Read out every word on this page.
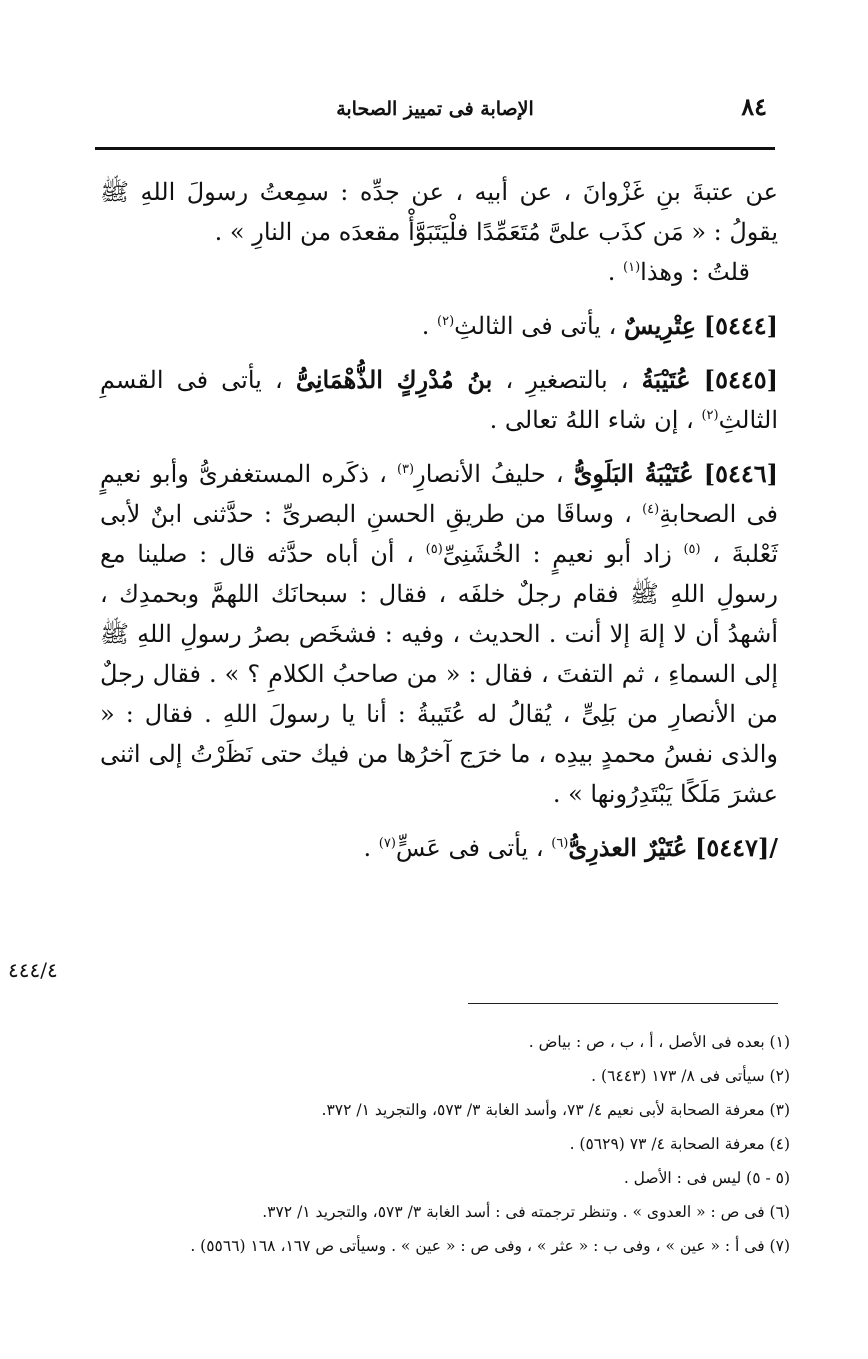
٨٤
الإصابة فى تمييز الصحابة

عن عتبةَ بنِ غَزْوانَ ، عن أبيه ، عن جدِّه : سمِعتُ رسولَ اللهِ ﷺ يقولُ : « مَن كذَب علىَّ مُتَعَمِّدًا فلْيَتَبَوَّأْ مقعدَه من النارِ » .

قلتُ : وهذا$^{(١)}$ .

[٥٤٤٤] عِتْرِيسٌ ، يأتى فى الثالثِ$^{(٢)}$ .

[٥٤٤٥] عُتَيْبَةُ ، بالتصغيرِ ، بنُ مُدْرِكٍ الذُّهْمَانِىُّ ، يأتى فى القسمِ الثالثِ$^{(٢)}$ ، إن شاء اللهُ تعالى .

[٥٤٤٦] عُتَيْبَةُ البَلَوِىُّ ، حليفُ الأنصارِ$^{(٣)}$ ، ذكَره المستغفرىُّ وأبو نعيمٍ فى الصحابةِ$^{(٤)}$ ، وساقَا من طريقِ الحسنِ البصرىِّ : حدَّثنى ابنٌ لأبى ثَعْلبةَ ، $^{(٥)}$ زاد أبو نعيمٍ : الخُشَنِىِّ$^{(٥)}$ ، أن أباه حدَّثه قال : صلينا مع رسولِ اللهِ ﷺ فقام رجلٌ خلفَه ، فقال : سبحانَك اللهمَّ وبحمدِك ، أشهدُ أن لا إلهَ إلا أنت . الحديث ، وفيه : فشخَص بصرُ رسولِ اللهِ ﷺ إلى السماءِ ، ثم التفتَ ، فقال : « من صاحبُ الكلامِ ؟ » . فقال رجلٌ من الأنصارِ من بَلِىٍّ ، يُقالُ له عُتَيبةُ : أنا يا رسولَ اللهِ . فقال : « والذى نفسُ محمدٍ بيدِه ، ما خرَج آخرُها من فيك حتى نَظَرْتُ إلى اثنى عشرَ مَلَكًا يَبْتَدِرُونها » .

/[٥٤٤٧] عُتَيْرٌ العذرِىُّ$^{(٦)}$ ، يأتى فى عَسٍّ$^{(٧)}$ .

٤٤٤/٤
(١) بعده فى الأصل ، أ ، ب ، ص : بياض .
(٢) سيأتى فى ٨/ ١٧٣ (٦٤٤٣) .
(٣) معرفة الصحابة لأبى نعيم ٤/ ٧٣، وأسد الغابة ٣/ ٥٧٣، والتجريد ١/ ٣٧٢.
(٤) معرفة الصحابة ٤/ ٧٣ (٥٦٢٩) .
(٥ - ٥) ليس فى : الأصل .
(٦) فى ص : « العدوى » . وتنظر ترجمته فى : أسد الغابة ٣/ ٥٧٣، والتجريد ١/ ٣٧٢.
(٧) فى أ : « عين » ، وفى ب : « عثر » ، وفى ص : « عين » . وسيأتى ص ١٦٧، ١٦٨ (٥٥٦٦) .
